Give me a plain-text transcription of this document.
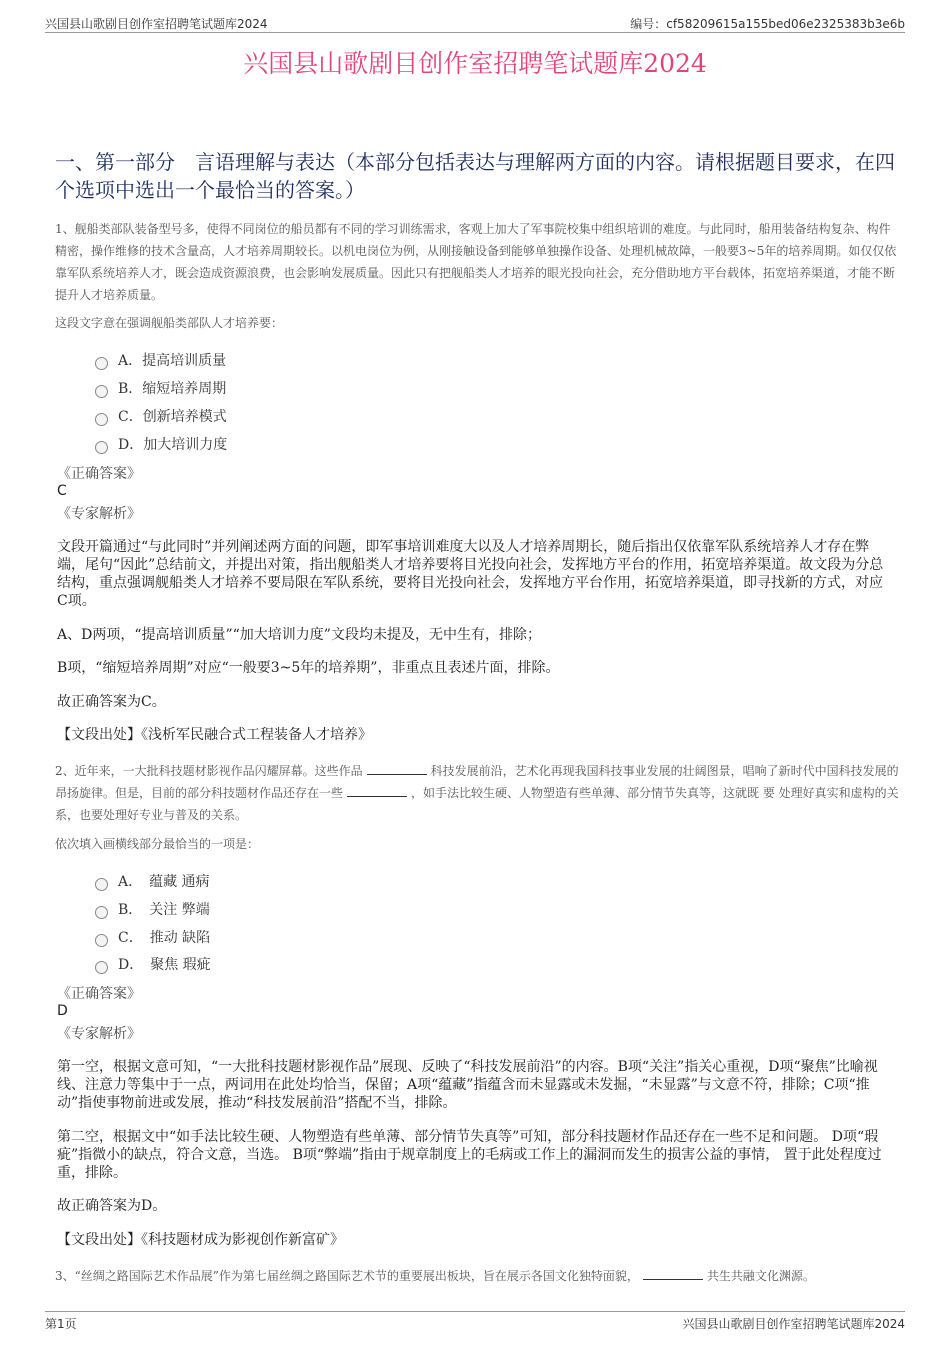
兴国县山歌剧目创作室招聘笔试题库2024	编号：cf58209615a155bed06e2325383b3e6b
兴国县山歌剧目创作室招聘笔试题库2024
一、第一部分　言语理解与表达（本部分包括表达与理解两方面的内容。请根据题目要求，在四个选项中选出一个最恰当的答案。）

1、舰船类部队装备型号多，使得不同岗位的船员都有不同的学习训练需求，客观上加大了军事院校集中组织培训的难度。与此同时，船用装备结构复杂、构件精密，操作维修的技术含量高，人才培养周期较长。以机电岗位为例，从刚接触设备到能够单独操作设备、处理机械故障，一般要3~5年的培养周期。如仅仅依靠军队系统培养人才，既会造成资源浪费，也会影响发展质量。因此只有把舰船类人才培养的眼光投向社会，充分借助地方平台载体，拓宽培养渠道，才能不断提升人才培养质量。

这段文字意在强调舰船类部队人才培养要：

A．提高培训质量
B．缩短培养周期
C．创新培养模式
D．加大培训力度
《正确答案》
C
《专家解析》

文段开篇通过“与此同时”并列阐述两方面的问题，即军事培训难度大以及人才培养周期长，随后指出仅依靠军队系统培养人才存在弊端，尾句“因此”总结前文，并提出对策，指出舰船类人才培养要将目光投向社会，发挥地方平台的作用，拓宽培养渠道。故文段为分总结构，重点强调舰船类人才培养不要局限在军队系统，要将目光投向社会，发挥地方平台作用，拓宽培养渠道，即寻找新的方式，对应C项。

A、D两项，“提高培训质量”“加大培训力度”文段均未提及，无中生有，排除；

B项，“缩短培养周期”对应“一般要3~5年的培养期”，非重点且表述片面，排除。

故正确答案为C。

【文段出处】《浅析军民融合式工程装备人才培养》

2、近年来，一大批科技题材影视作品闪耀屏幕。这些作品	科技发展前沿，艺术化再现我国科技事业发展的壮阔图景，唱响了新时代中国科技发展的昂扬旋律。但是，目前的部分科技题材作品还存在一些	，如手法比较生硬、人物塑造有些单薄、部分情节失真等，这就既 要 处理好真实和虚构的关系，也要处理好专业与普及的关系。

依次填入画横线部分最恰当的一项是：

A．　蕴藏 通病
B．　关注 弊端
C．　推动 缺陷
D．　聚焦 瑕疵
《正确答案》
D
《专家解析》

第一空，根据文意可知，“一大批科技题材影视作品”展现、反映了“科技发展前沿”的内容。B项“关注”指关心重视，D项“聚焦”比喻视线、注意力等集中于一点，两词用在此处均恰当，保留；A项“蕴藏”指蕴含而未显露或未发掘，“未显露”与文意不符，排除；C项“推动”指使事物前进或发展，推动“科技发展前沿”搭配不当，排除。

第二空，根据文中“如手法比较生硬、人物塑造有些单薄、部分情节失真等”可知，部分科技题材作品还存在一些不足和问题。 D项“瑕疵”指微小的缺点，符合文意，当选。 B项“弊端”指由于规章制度上的毛病或工作上的漏洞而发生的损害公益的事情， 置于此处程度过重，排除。

故正确答案为D。

【文段出处】《科技题材成为影视创作新富矿》

3、“丝绸之路国际艺术作品展”作为第七届丝绸之路国际艺术节的重要展出板块，旨在展示各国文化独特面貌，	共生共融文化渊源。

第1页	兴国县山歌剧目创作室招聘笔试题库2024
